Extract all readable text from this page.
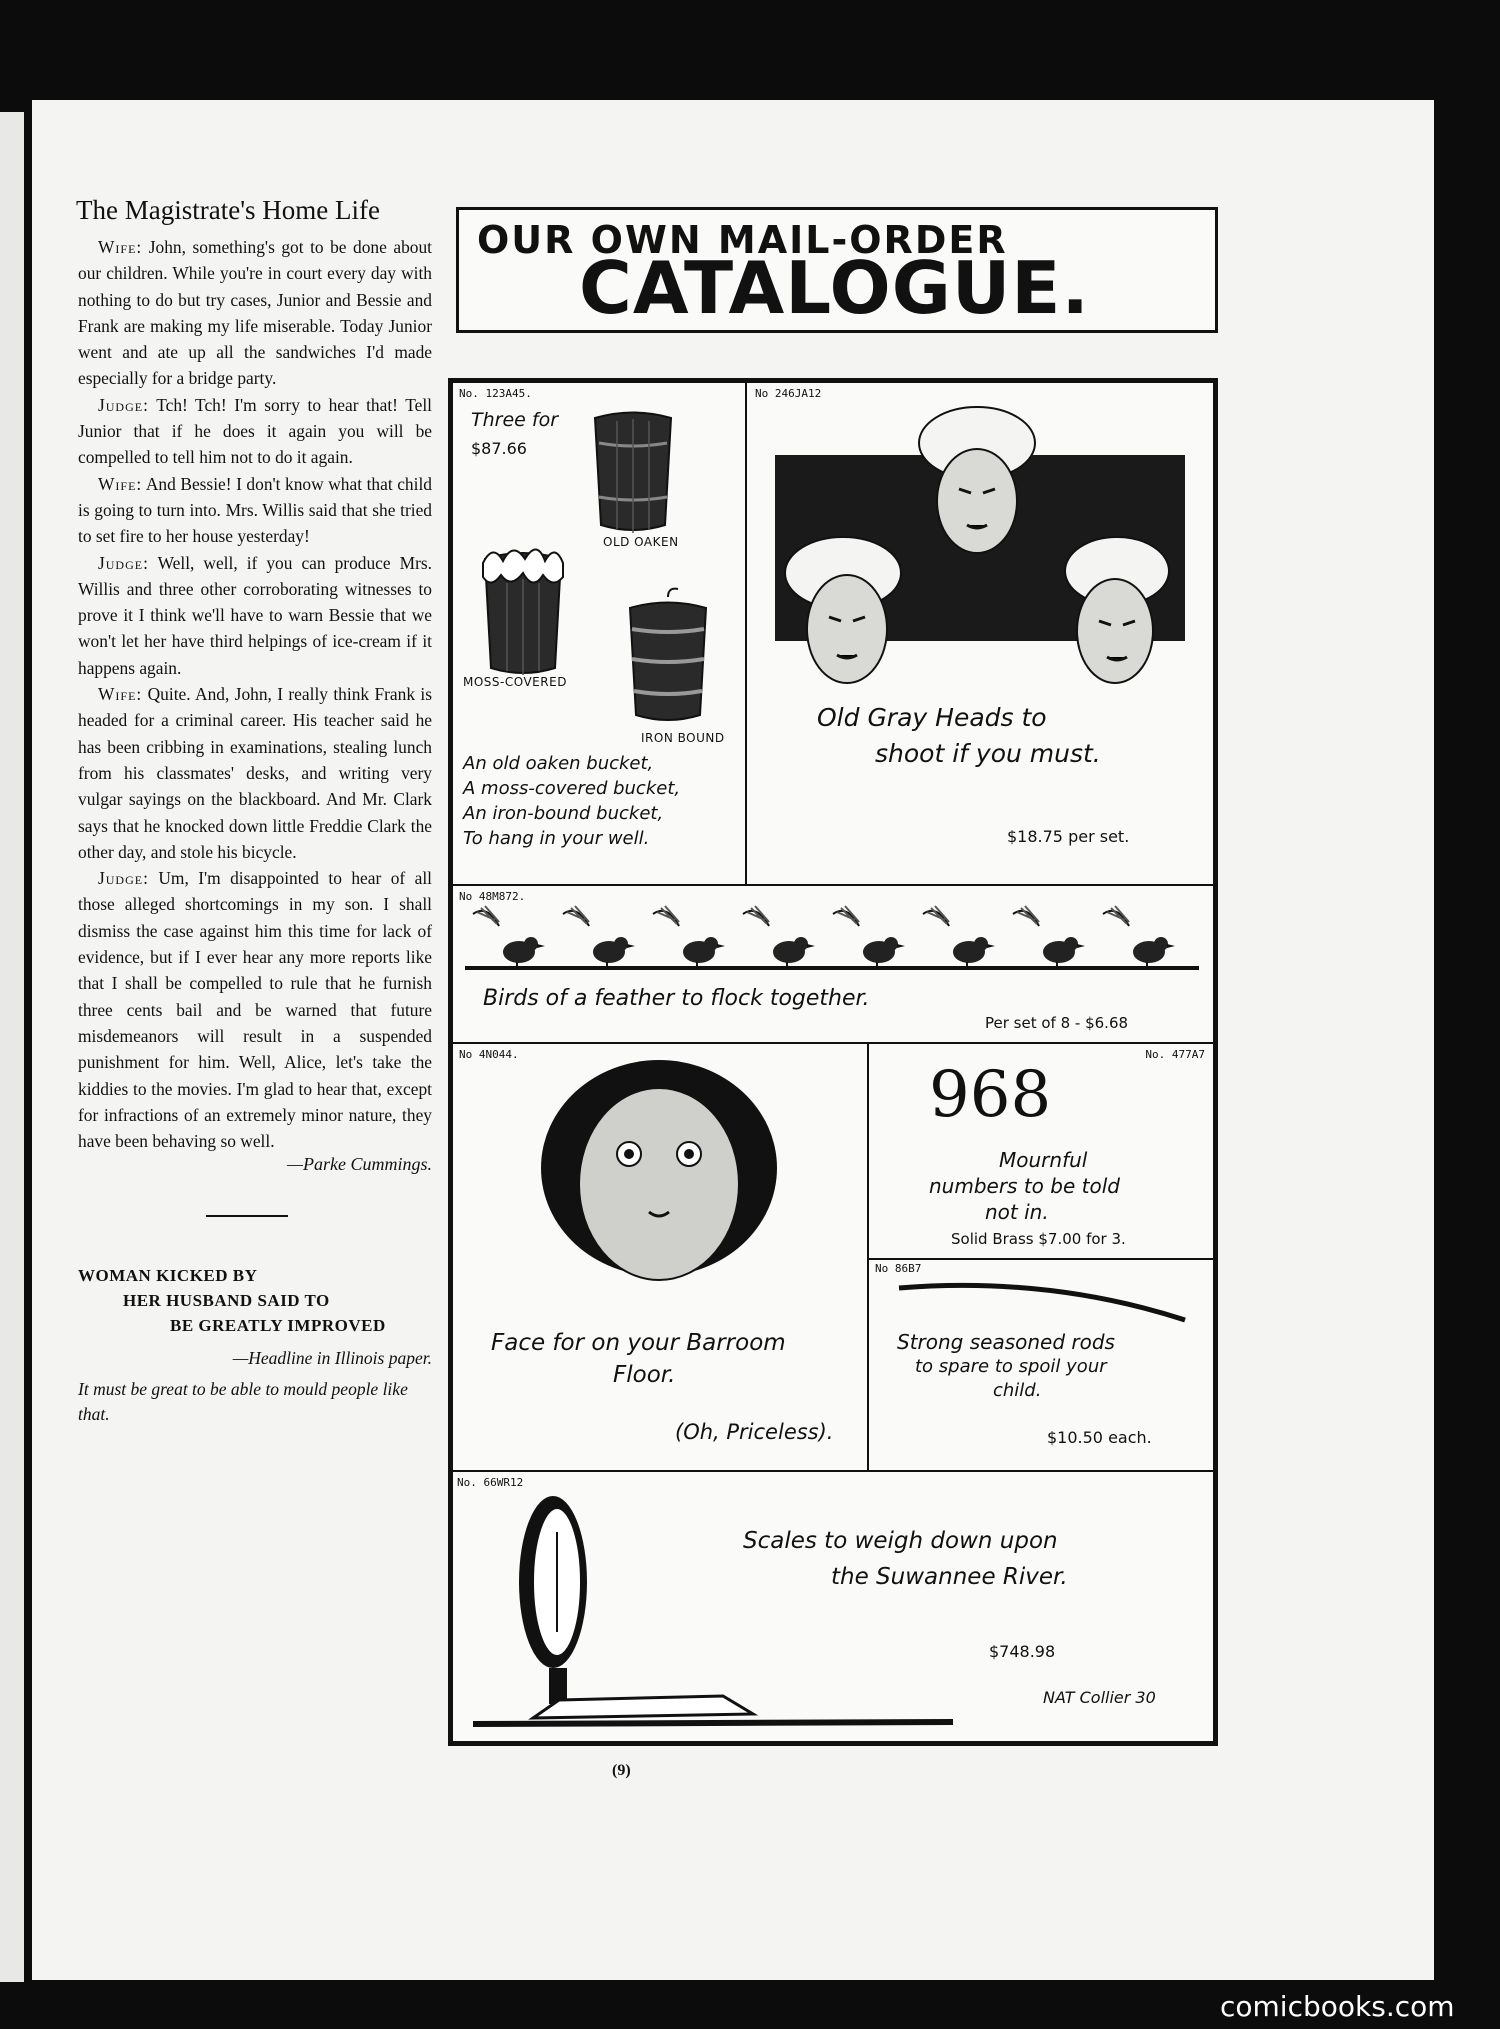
The Magistrate's Home Life

Wife: John, something's got to be done about our children. While you're in court every day with nothing to do but try cases, Junior and Bessie and Frank are making my life miserable. Today Junior went and ate up all the sandwiches I'd made especially for a bridge party.

Judge: Tch! Tch! I'm sorry to hear that! Tell Junior that if he does it again you will be compelled to tell him not to do it again.

Wife: And Bessie! I don't know what that child is going to turn into. Mrs. Willis said that she tried to set fire to her house yesterday!

Judge: Well, well, if you can produce Mrs. Willis and three other corroborating witnesses to prove it I think we'll have to warn Bessie that we won't let her have third helpings of ice-cream if it happens again.

Wife: Quite. And, John, I really think Frank is headed for a criminal career. His teacher said he has been cribbing in examinations, stealing lunch from his classmates' desks, and writing very vulgar sayings on the blackboard. And Mr. Clark says that he knocked down little Freddie Clark the other day, and stole his bicycle.

Judge: Um, I'm disappointed to hear of all those alleged shortcomings in my son. I shall dismiss the case against him this time for lack of evidence, but if I ever hear any more reports like that I shall be compelled to rule that he furnish three cents bail and be warned that future misdemeanors will result in a suspended punishment for him. Well, Alice, let's take the kiddies to the movies. I'm glad to hear that, except for infractions of an extremely minor nature, they have been behaving so well.

—Parke Cummings.
WOMAN KICKED BY
HER HUSBAND SAID TO
BE GREATLY IMPROVED
—Headline in Illinois paper.
It must be great to be able to mould people like that.
OUR OWN MAIL-ORDER
CATALOGUE.
No. 123A45.
Three for
$87.66
OLD OAKEN
MOSS-COVERED
IRON BOUND
An old oaken bucket,
A moss-covered bucket,
An iron-bound bucket,
To hang in your well.
No 246JA12
Old Gray Heads to
shoot if you must.
$18.75 per set.
No 48M872.
Birds of a feather to flock together.
Per set of 8 - $6.68
No 4N044.
Face for on your Barroom
Floor.
(Oh, Priceless).
No. 477A7
968
Mournful
numbers to be told
not in.
Solid Brass $7.00 for 3.
No 86B7
Strong seasoned rods
to spare to spoil your
child.
$10.50 each.
No. 66WR12
Scales to weigh down upon
the Suwannee River.
$748.98
NAT Collier 30
(9)
comicbooks.com
